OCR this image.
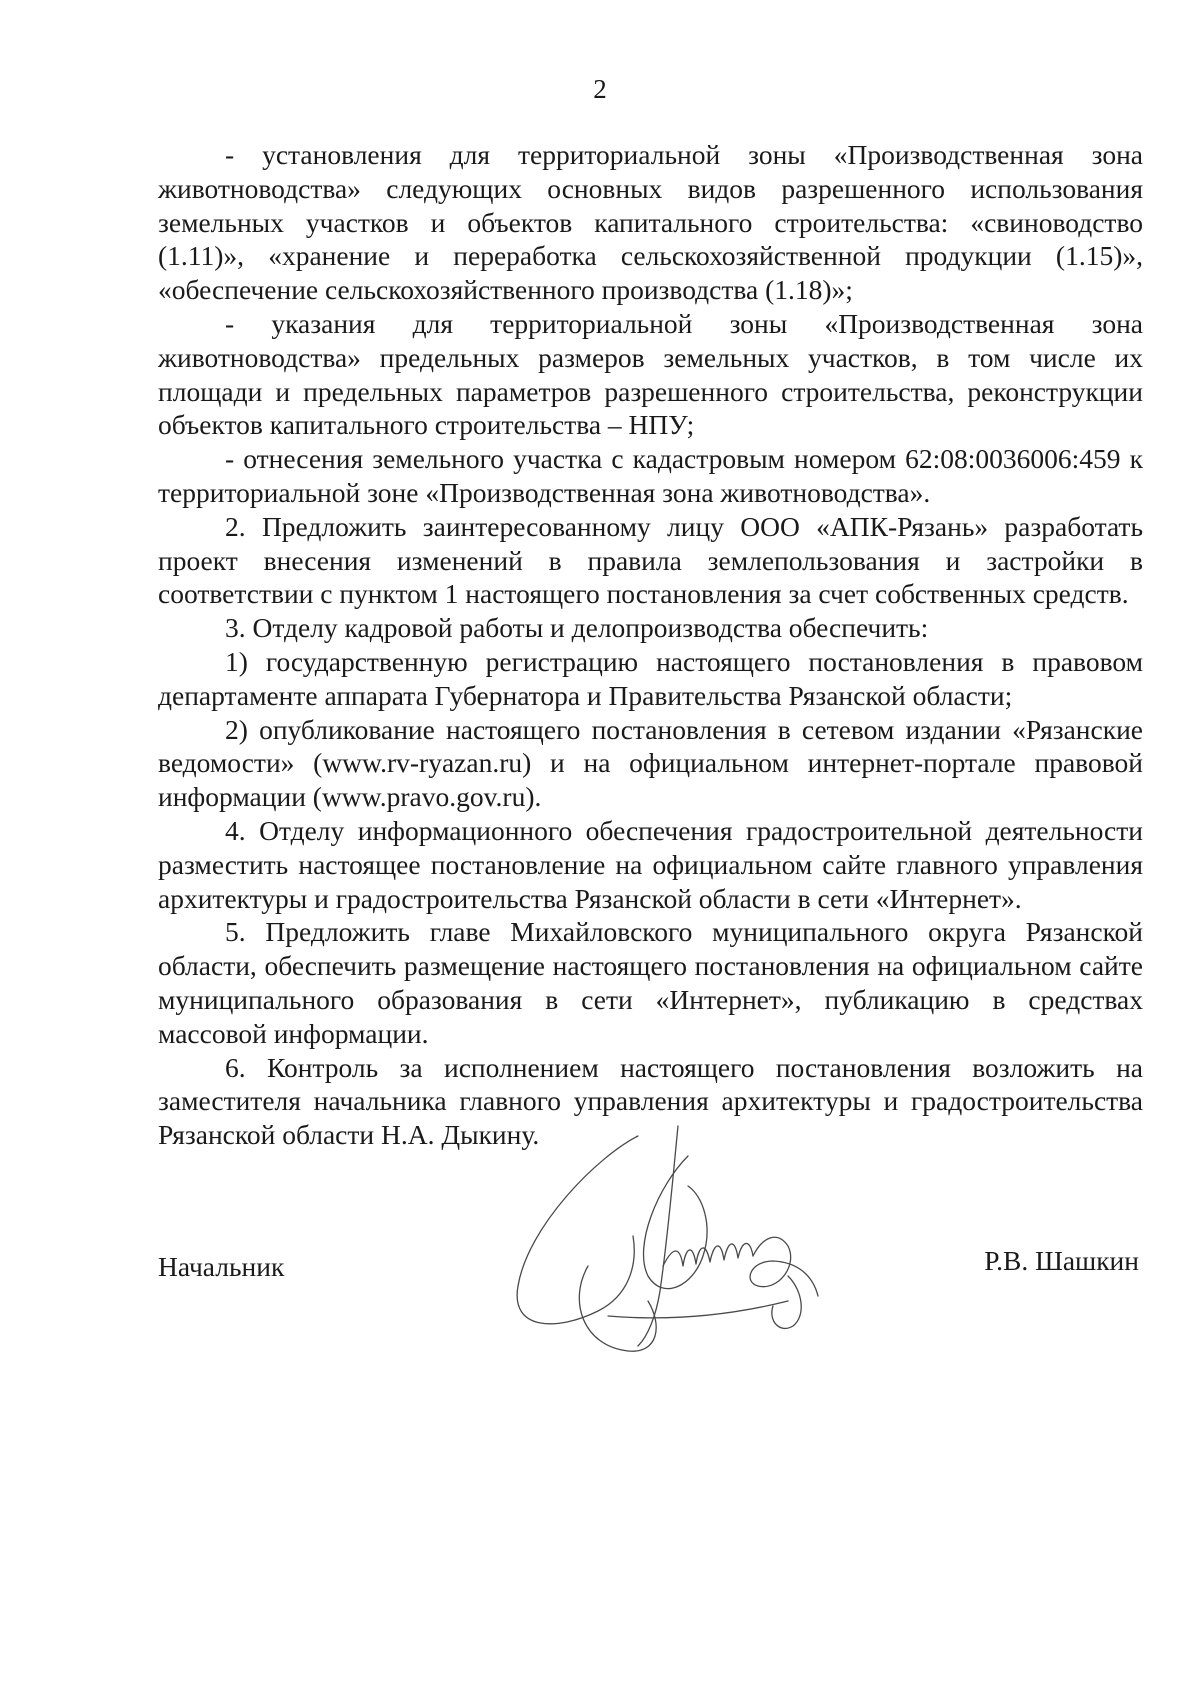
2

- установления для территориальной зоны «Производственная зона животноводства» следующих основных видов разрешенного использования земельных участков и объектов капитального строительства: «свиноводство (1.11)», «хранение и переработка сельскохозяйственной продукции (1.15)», «обеспечение сельскохозяйственного производства (1.18)»;

- указания для территориальной зоны «Производственная зона животноводства» предельных размеров земельных участков, в том числе их площади и предельных параметров разрешенного строительства, реконструкции объектов капитального строительства – НПУ;

- отнесения земельного участка с кадастровым номером 62:08:0036006:459 к территориальной зоне «Производственная зона животноводства».

2. Предложить заинтересованному лицу ООО «АПК-Рязань» разработать проект внесения изменений в правила землепользования и застройки в соответствии с пунктом 1 настоящего постановления за счет собственных средств.

3. Отделу кадровой работы и делопроизводства обеспечить:

1) государственную регистрацию настоящего постановления в правовом департаменте аппарата Губернатора и Правительства Рязанской области;

2) опубликование настоящего постановления в сетевом издании «Рязанские ведомости» (www.rv-ryazan.ru) и на официальном интернет-портале правовой информации (www.pravo.gov.ru).

4. Отделу информационного обеспечения градостроительной деятельности разместить настоящее постановление на официальном сайте главного управления архитектуры и градостроительства Рязанской области в сети «Интернет».

5. Предложить главе Михайловского муниципального округа Рязанской области, обеспечить размещение настоящего постановления на официальном сайте муниципального образования в сети «Интернет», публикацию в средствах массовой информации.

6. Контроль за исполнением настоящего постановления возложить на заместителя начальника главного управления архитектуры и градостроительства Рязанской области Н.А. Дыкину.

Начальник	Р.В. Шашкин
